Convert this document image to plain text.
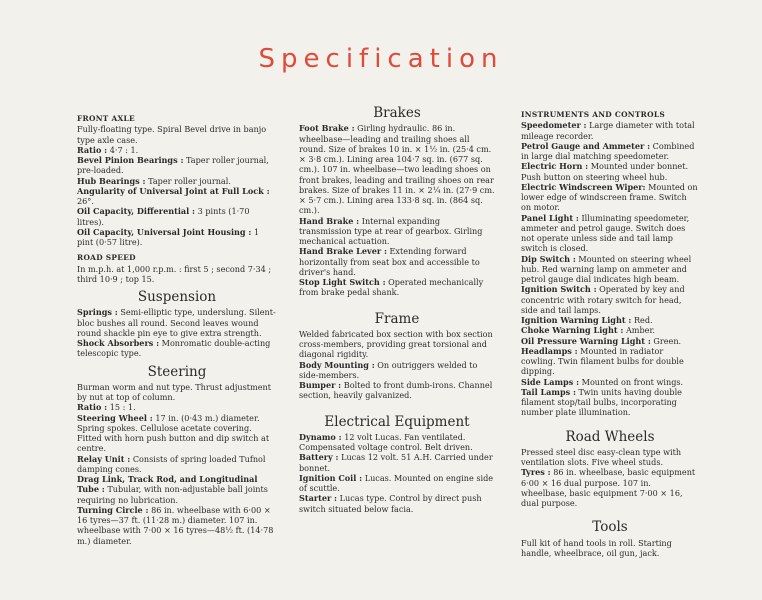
Specification
FRONT AXLE

Fully-floating type. Spiral Bevel drive in banjo type axle case.

Ratio : 4·7 : 1.

Bevel Pinion Bearings : Taper roller journal, pre-loaded.

Hub Bearings : Taper roller journal.

Angularity of Universal Joint at Full Lock : 26°.

Oil Capacity, Differential : 3 pints (1·70 litres).

Oil Capacity, Universal Joint Housing : 1 pint (0·57 litre).

ROAD SPEED

In m.p.h. at 1,000 r.p.m. : first 5 ; second 7·34 ; third 10·9 ; top 15.

Suspension

Springs : Semi-elliptic type, underslung. Silent-bloc bushes all round. Second leaves wound round shackle pin eye to give extra strength.

Shock Absorbers : Monromatic double-acting telescopic type.

Steering

Burman worm and nut type. Thrust adjustment by nut at top of column.

Ratio : 15 : 1.

Steering Wheel : 17 in. (0·43 m.) diameter. Spring spokes. Cellulose acetate covering. Fitted with horn push button and dip switch at centre.

Relay Unit : Consists of spring loaded Tufnol damping cones.

Drag Link, Track Rod, and Longitudinal Tube : Tubular, with non-adjustable ball joints requiring no lubrication.

Turning Circle : 86 in. wheelbase with 6·00 × 16 tyres—37 ft. (11·28 m.) diameter. 107 in. wheelbase with 7·00 × 16 tyres—48½ ft. (14·78 m.) diameter.

Brakes

Foot Brake : Girling hydraulic. 86 in. wheelbase—leading and trailing shoes all round. Size of brakes 10 in. × 1½ in. (25·4 cm. × 3·8 cm.). Lining area 104·7 sq. in. (677 sq. cm.). 107 in. wheelbase—two leading shoes on front brakes, leading and trailing shoes on rear brakes. Size of brakes 11 in. × 2¼ in. (27·9 cm. × 5·7 cm.). Lining area 133·8 sq. in. (864 sq. cm.).

Hand Brake : Internal expanding transmission type at rear of gearbox. Girling mechanical actuation.

Hand Brake Lever : Extending forward horizontally from seat box and accessible to driver's hand.

Stop Light Switch : Operated mechanically from brake pedal shank.

Frame

Welded fabricated box section with box section cross-members, providing great torsional and diagonal rigidity.

Body Mounting : On outriggers welded to side-members.

Bumper : Bolted to front dumb-irons. Channel section, heavily galvanized.

Electrical Equipment

Dynamo : 12 volt Lucas. Fan ventilated. Compensated voltage control. Belt driven.

Battery : Lucas 12 volt. 51 A.H. Carried under bonnet.

Ignition Coil : Lucas. Mounted on engine side of scuttle.

Starter : Lucas type. Control by direct push switch situated below facia.

INSTRUMENTS AND CONTROLS

Speedometer : Large diameter with total mileage recorder.

Petrol Gauge and Ammeter : Combined in large dial matching speedometer.

Electric Horn : Mounted under bonnet. Push button on steering wheel hub.

Electric Windscreen Wiper: Mounted on lower edge of windscreen frame. Switch on motor.

Panel Light : Illuminating speedometer, ammeter and petrol gauge. Switch does not operate unless side and tail lamp switch is closed.

Dip Switch : Mounted on steering wheel hub. Red warning lamp on ammeter and petrol gauge dial indicates high beam.

Ignition Switch : Operated by key and concentric with rotary switch for head, side and tail lamps.

Ignition Warning Light : Red.

Choke Warning Light : Amber.

Oil Pressure Warning Light : Green.

Headlamps : Mounted in radiator cowling. Twin filament bulbs for double dipping.

Side Lamps : Mounted on front wings.

Tail Lamps : Twin units having double filament stop/tail bulbs, incorporating number plate illumination.

Road Wheels

Pressed steel disc easy-clean type with ventilation slots. Five wheel studs.

Tyres : 86 in. wheelbase, basic equipment 6·00 × 16 dual purpose. 107 in. wheelbase, basic equipment 7·00 × 16, dual purpose.

Tools

Full kit of hand tools in roll. Starting handle, wheelbrace, oil gun, jack.
